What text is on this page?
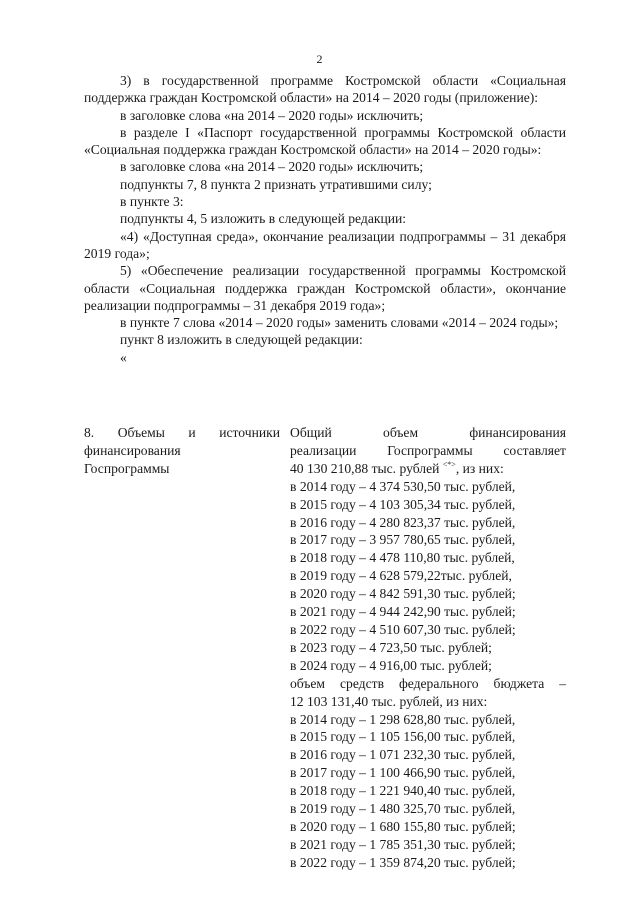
2

3) в государственной программе Костромской области «Социальная поддержка граждан Костромской области» на 2014 – 2020 годы (приложение):

в заголовке слова «на 2014 – 2020 годы» исключить;

в разделе I «Паспорт государственной программы Костромской области «Социальная поддержка граждан Костромской области» на 2014 – 2020 годы»:

в заголовке слова «на 2014 – 2020 годы» исключить;

подпункты 7, 8 пункта 2 признать утратившими силу;

в пункте 3:

подпункты 4, 5 изложить в следующей редакции:

«4) «Доступная среда», окончание реализации подпрограммы – 31 декабря 2019 года»;

5) «Обеспечение реализации государственной программы Костромской области «Социальная поддержка граждан Костромской области», окончание реализации подпрограммы – 31 декабря 2019 года»;

в пункте 7 слова «2014 – 2020 годы» заменить словами «2014 – 2024 годы»;

пункт 8 изложить в следующей редакции:

«

8. Объемы и источники

финансирования

Госпрограммы

Общий объем финансирования

реализации Госпрограммы составляет

40 130 210,88 тыс. рублей <*>, из них:

в 2014 году – 4 374 530,50 тыс. рублей,

в 2015 году – 4 103 305,34 тыс. рублей,

в 2016 году – 4 280 823,37 тыс. рублей,

в 2017 году – 3 957 780,65 тыс. рублей,

в 2018 году – 4 478 110,80 тыс. рублей,

в 2019 году – 4 628 579,22тыс. рублей,

в 2020 году – 4 842 591,30 тыс. рублей;

в 2021 году – 4 944 242,90 тыс. рублей;

в 2022 году – 4 510 607,30 тыс. рублей;

в 2023 году – 4 723,50 тыс. рублей;

в 2024 году – 4 916,00 тыс. рублей;

объем средств федерального бюджета –

12 103 131,40 тыс. рублей, из них:

в 2014 году – 1 298 628,80 тыс. рублей,

в 2015 году – 1 105 156,00 тыс. рублей,

в 2016 году – 1 071 232,30 тыс. рублей,

в 2017 году – 1 100 466,90 тыс. рублей,

в 2018 году – 1 221 940,40 тыс. рублей,

в 2019 году – 1 480 325,70 тыс. рублей,

в 2020 году – 1 680 155,80 тыс. рублей;

в 2021 году – 1 785 351,30 тыс. рублей;

в 2022 году – 1 359 874,20 тыс. рублей;
